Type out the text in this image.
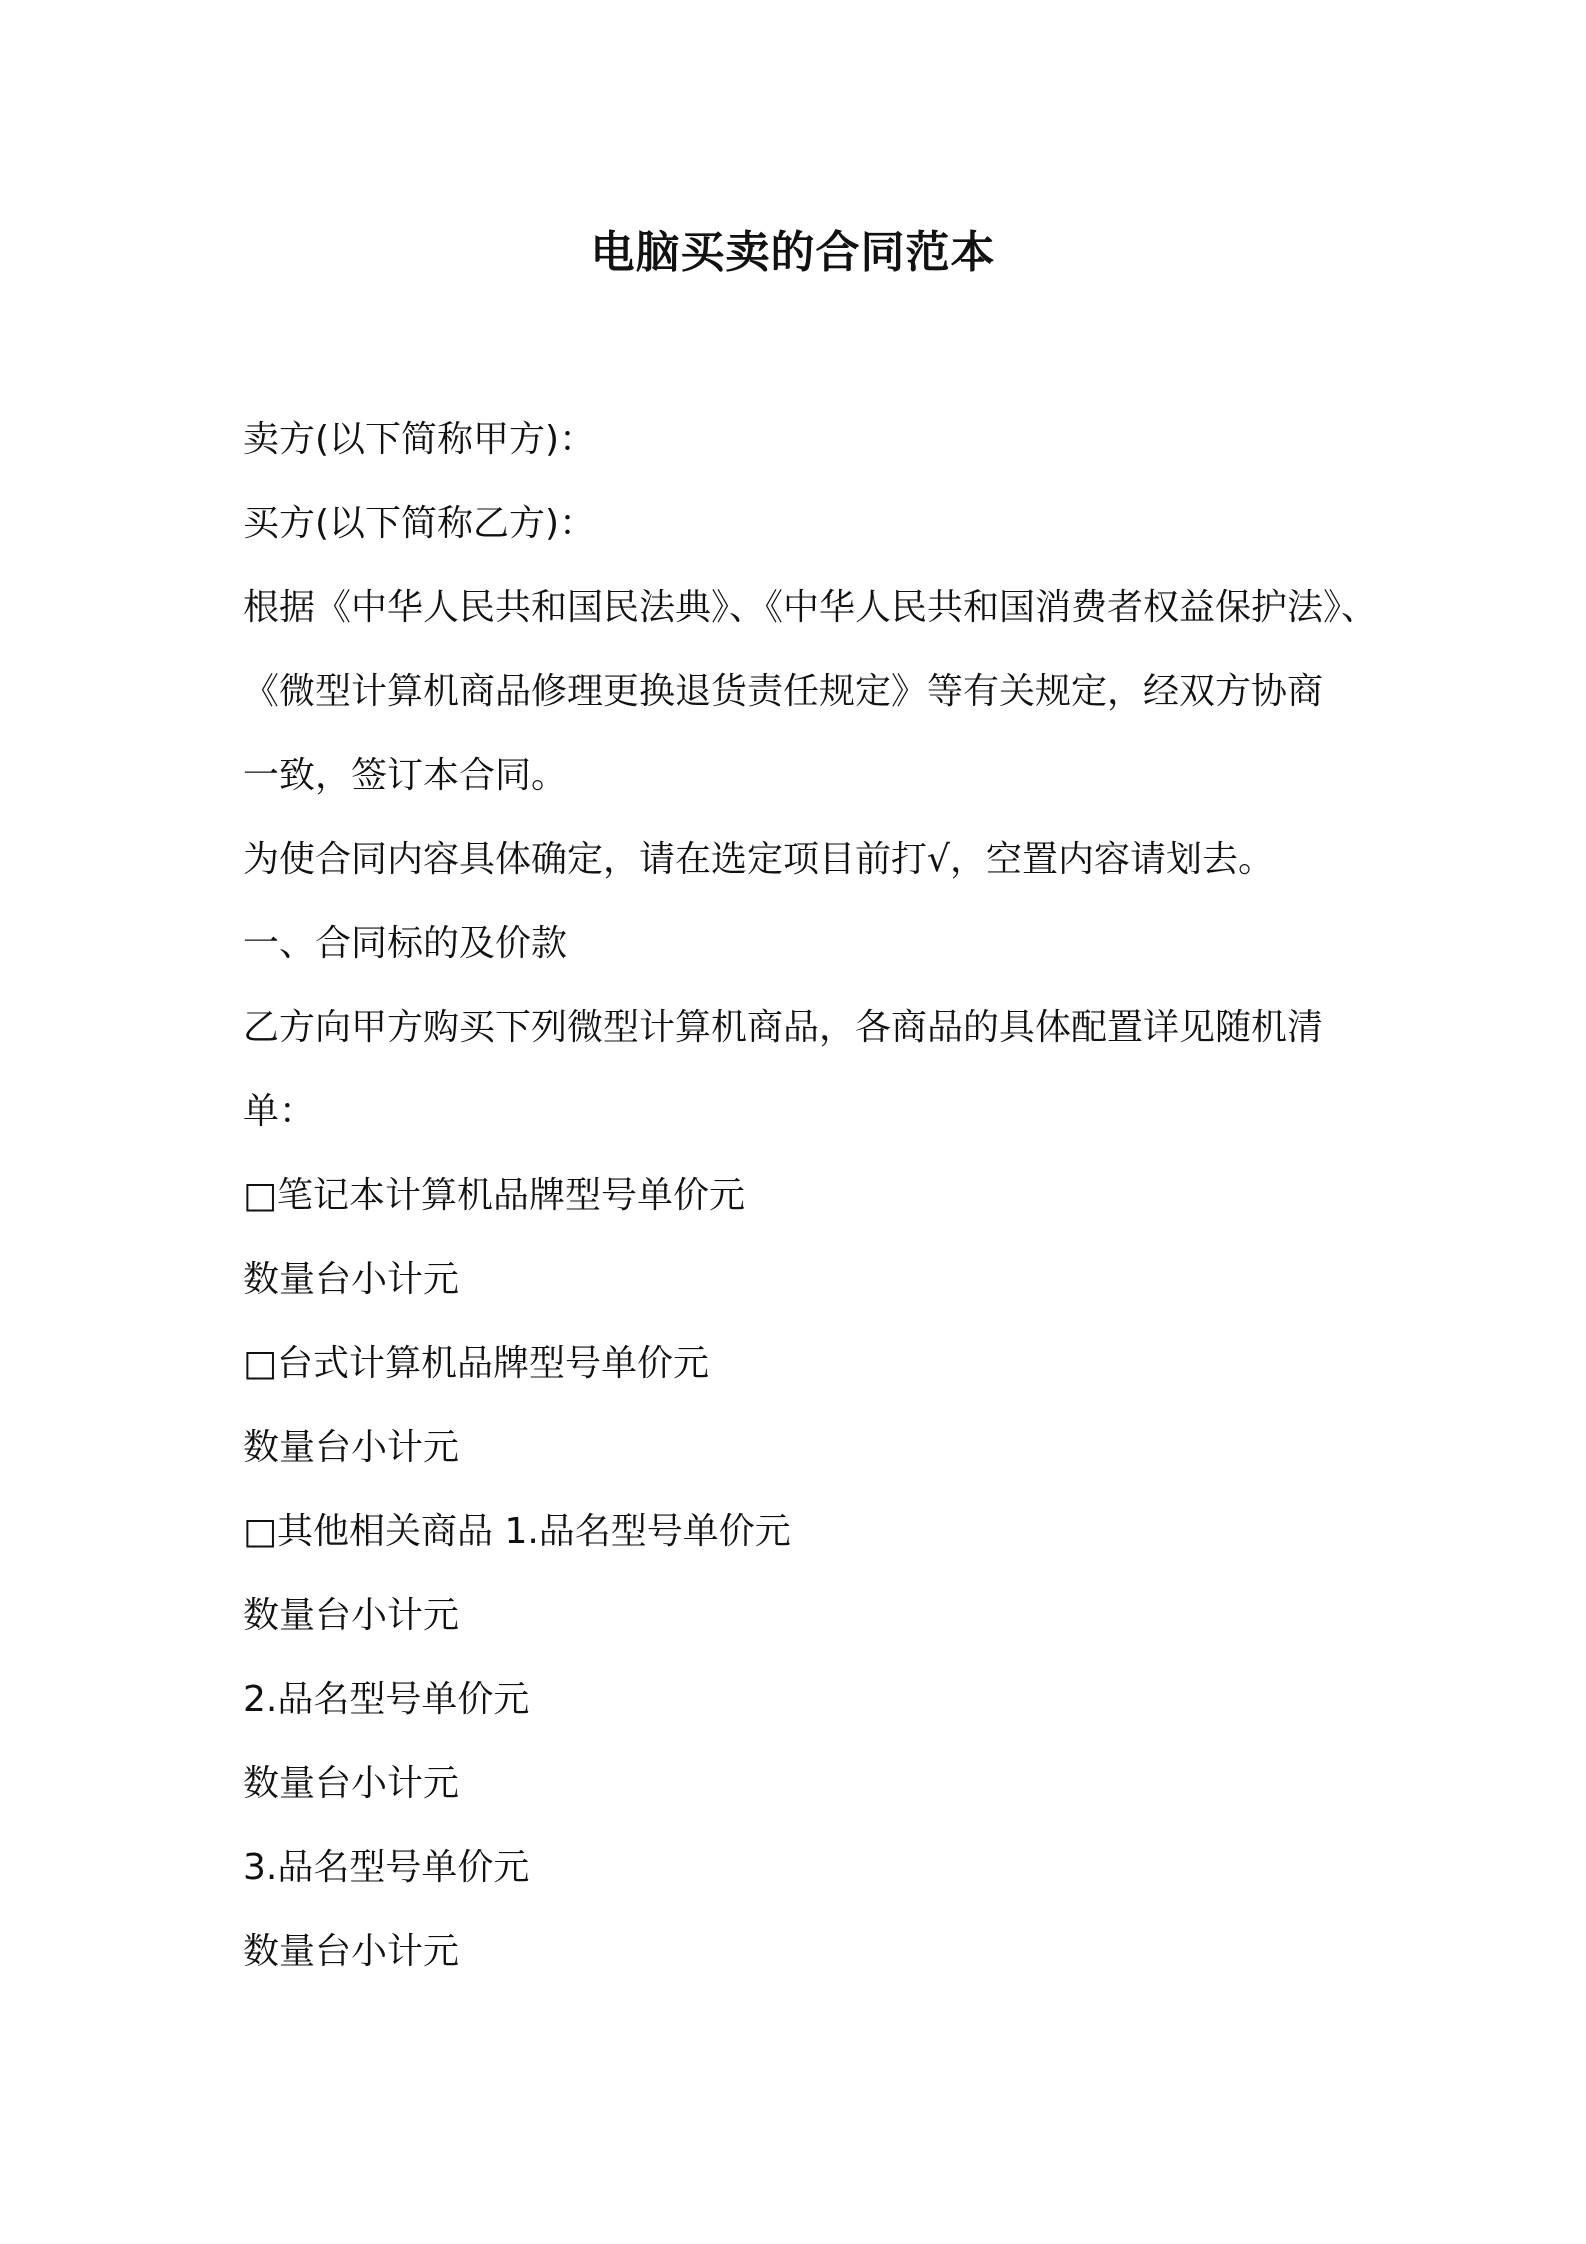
电脑买卖的合同范本
卖方(以下简称甲方)：
买方(以下简称乙方)：
根据《中华人民共和国民法典》、《中华人民共和国消费者权益保护法》、
《微型计算机商品修理更换退货责任规定》等有关规定，经双方协商
一致，签订本合同。
为使合同内容具体确定，请在选定项目前打√，空置内容请划去。
一、合同标的及价款
乙方向甲方购买下列微型计算机商品，各商品的具体配置详见随机清
单：
□笔记本计算机品牌型号单价元
数量台小计元
□台式计算机品牌型号单价元
数量台小计元
□其他相关商品 1.品名型号单价元
数量台小计元
2.品名型号单价元
数量台小计元
3.品名型号单价元
数量台小计元
